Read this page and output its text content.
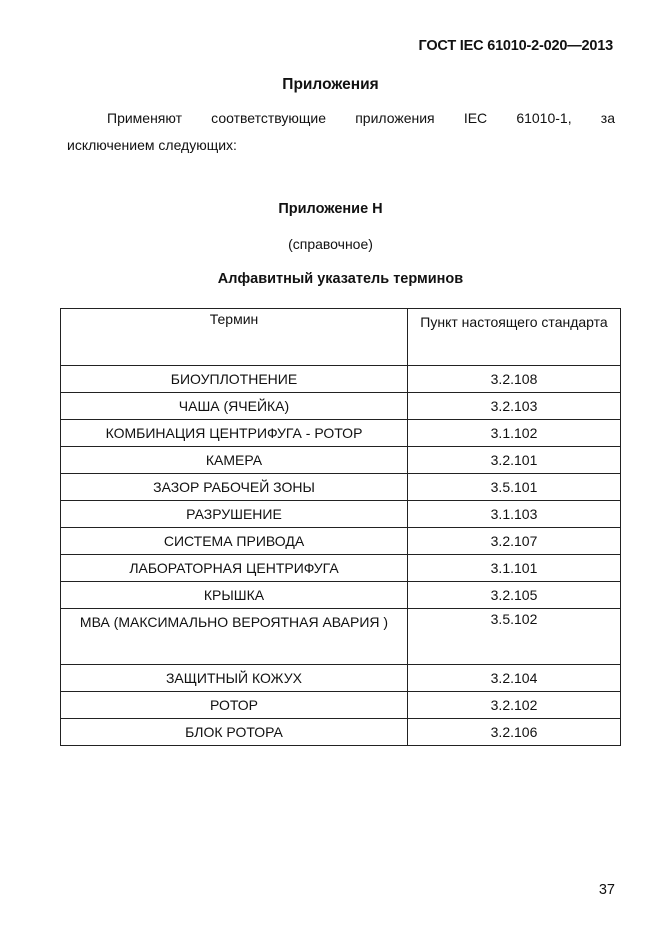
ГОСТ IEC 61010-2-020—2013
Приложения
Применяют соответствующие приложения IEC 61010-1, за
исключением следующих:
Приложение H
(справочное)
Алфавитный указатель терминов
Термин	Пункт настоящего стандарта
БИОУПЛОТНЕНИЕ	3.2.108
ЧАША (ЯЧЕЙКА)	3.2.103
КОМБИНАЦИЯ ЦЕНТРИФУГА - РОТОР	3.1.102
КАМЕРА	3.2.101
ЗАЗОР РАБОЧЕЙ ЗОНЫ	3.5.101
РАЗРУШЕНИЕ	3.1.103
СИСТЕМА ПРИВОДА	3.2.107
ЛАБОРАТОРНАЯ ЦЕНТРИФУГА	3.1.101
КРЫШКА	3.2.105
МВА (МАКСИМАЛЬНО ВЕРОЯТНАЯ АВАРИЯ )	3.5.102
ЗАЩИТНЫЙ КОЖУХ	3.2.104
РОТОР	3.2.102
БЛОК РОТОРА	3.2.106
37
